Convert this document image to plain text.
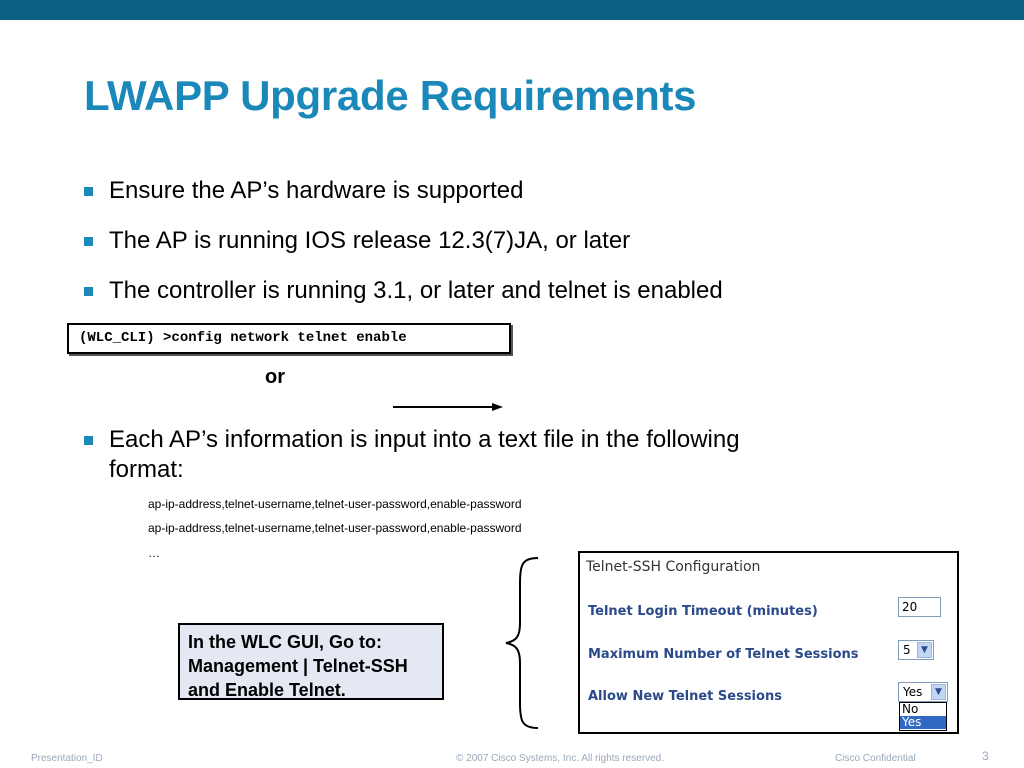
LWAPP Upgrade Requirements
Ensure the AP’s hardware is supported
The AP is running IOS release 12.3(7)JA, or later
The controller is running 3.1, or later and telnet is enabled
(WLC_CLI) >config network telnet enable
or
Each AP’s information is input into a text file in the following
format:
ap-ip-address,telnet-username,telnet-user-password,enable-password
ap-ip-address,telnet-username,telnet-user-password,enable-password
…
In the WLC GUI, Go to:
Management | Telnet-SSH
and Enable Telnet.
Telnet-SSH Configuration
Telnet Login Timeout (minutes)	20
Maximum Number of Telnet Sessions	5	▼
Allow New Telnet Sessions	Yes	▼
No
Yes
Presentation_ID	© 2007 Cisco Systems, Inc. All rights reserved.	Cisco Confidential	3
